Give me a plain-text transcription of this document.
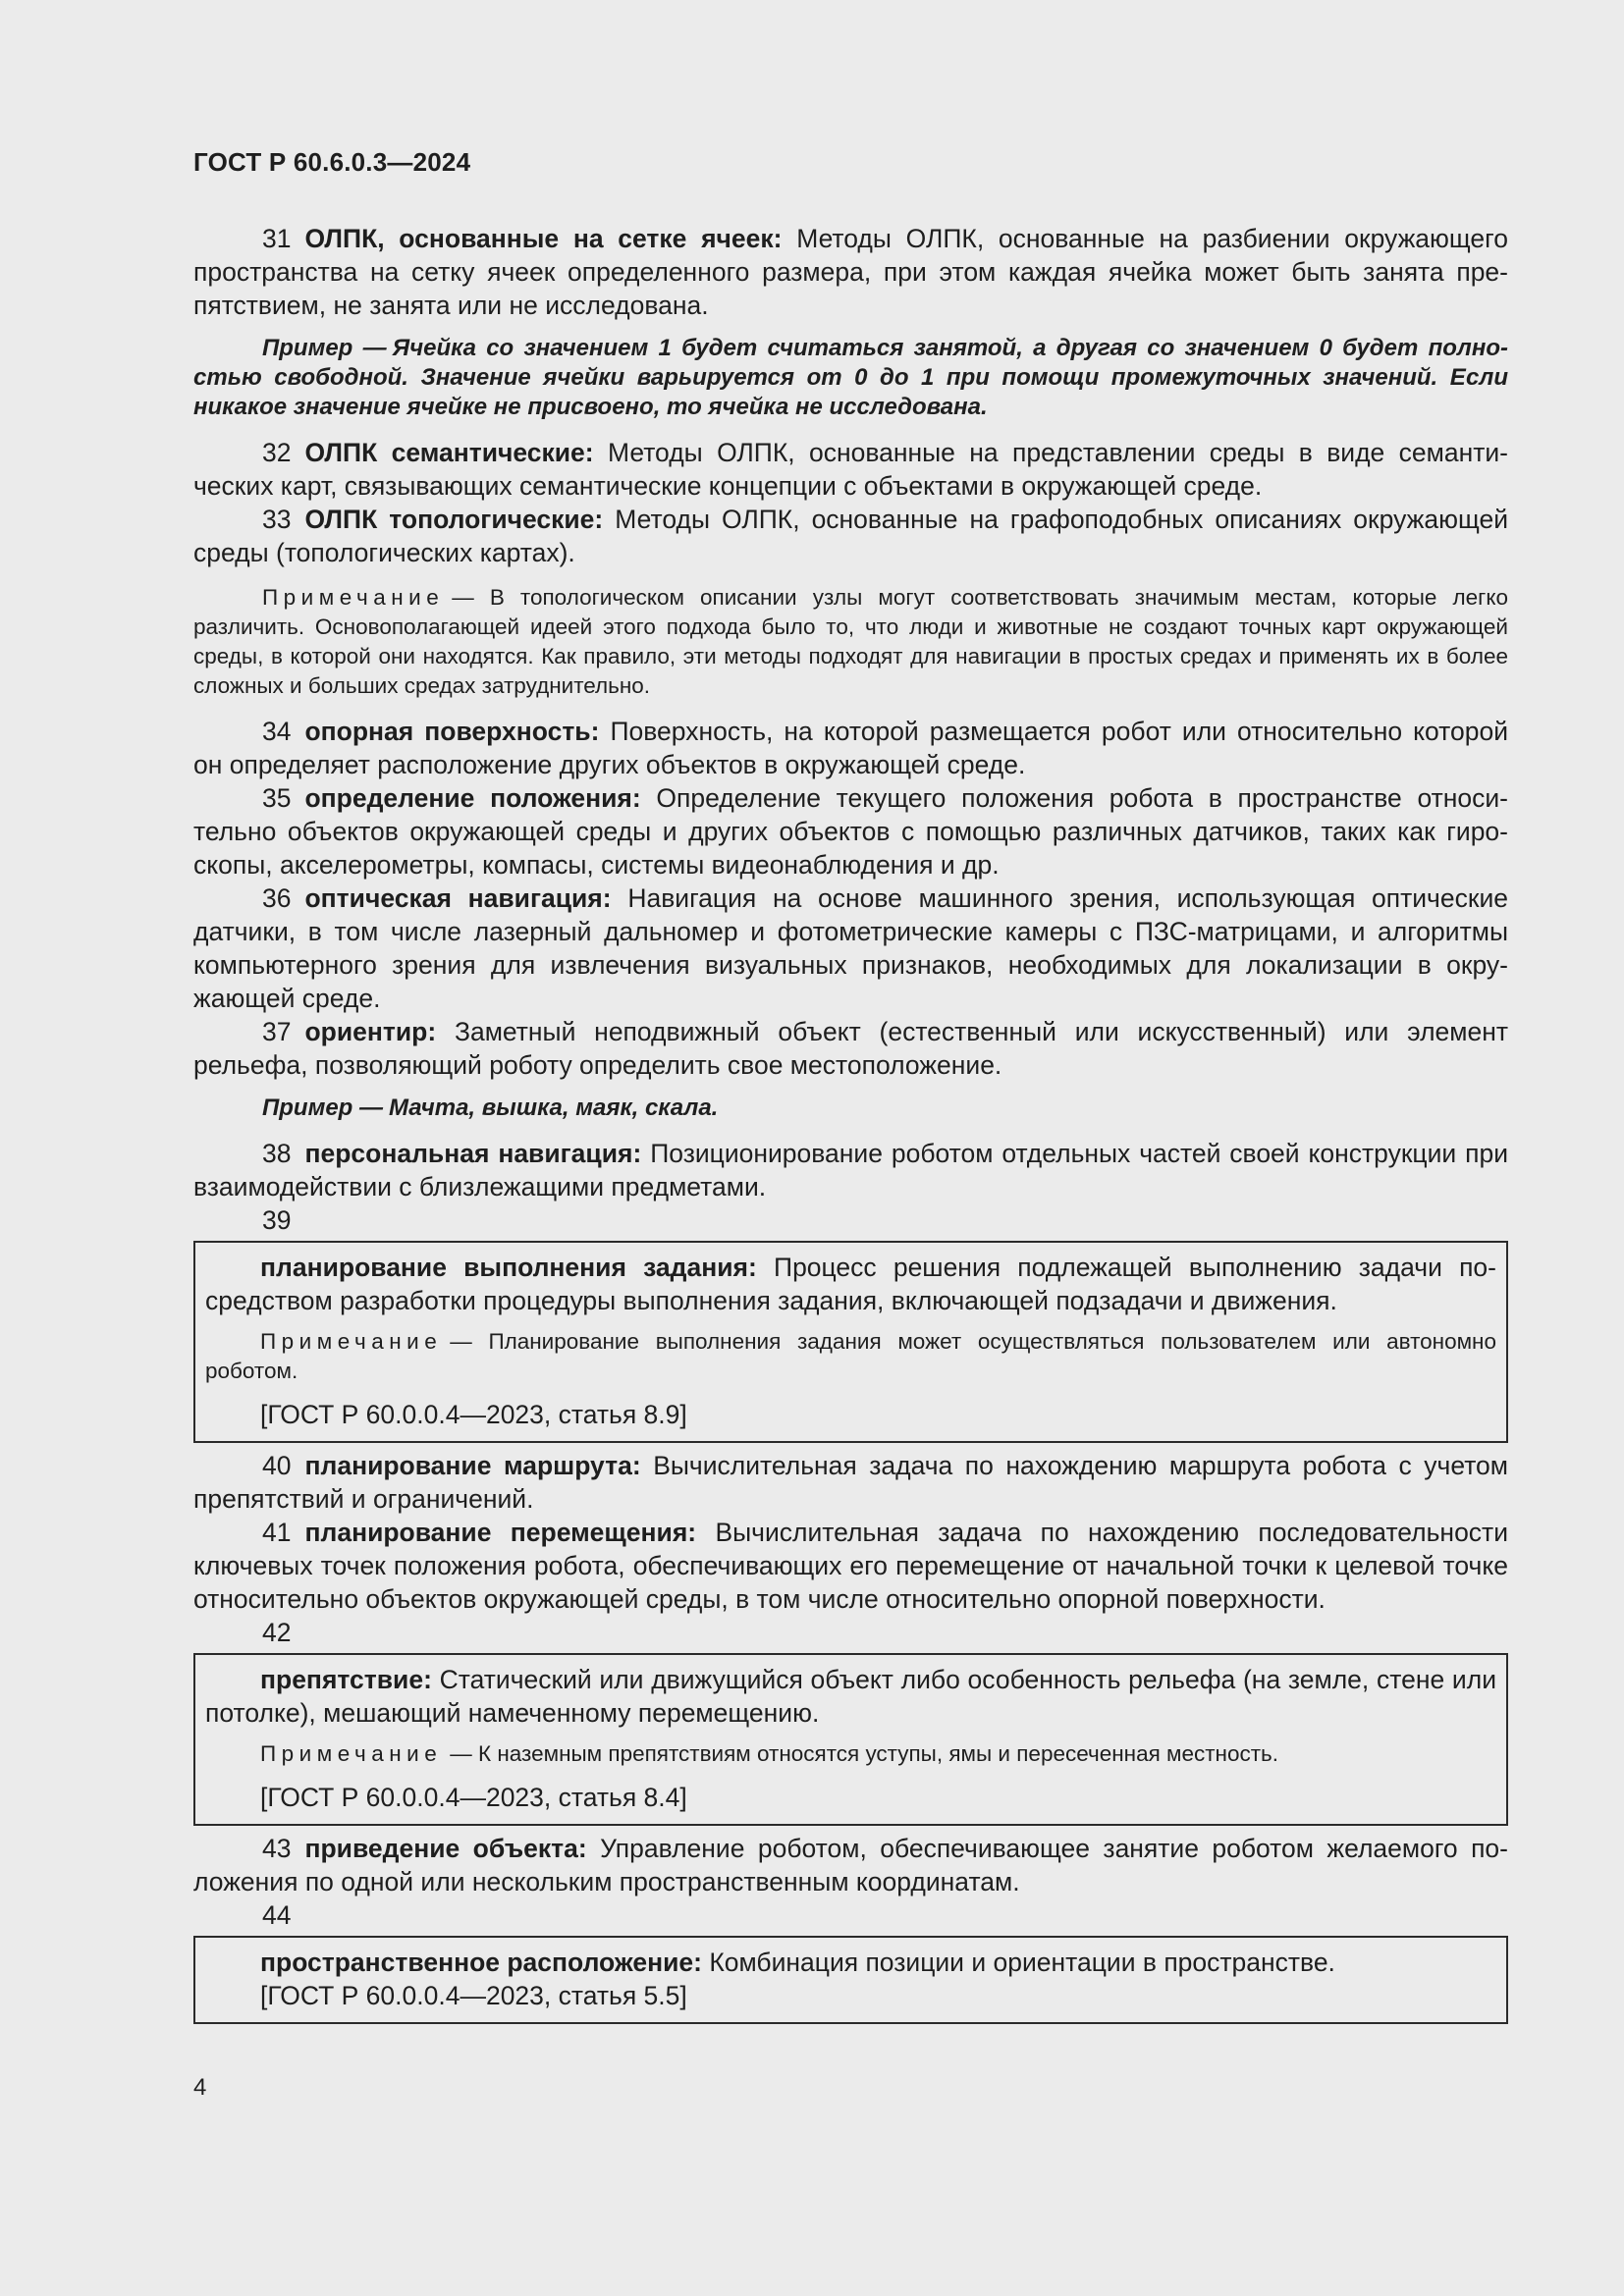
ГОСТ Р 60.6.0.3—2024

31 ОЛПК, основанные на сетке ячеек: Методы ОЛПК, основанные на разбиении окружающего пространства на сетку ячеек определенного размера, при этом каждая ячейка может быть занята препятствием, не занята или не исследована.

Пример — Ячейка со значением 1 будет считаться занятой, а другая со значением 0 будет полностью свободной. Значение ячейки варьируется от 0 до 1 при помощи промежуточных значений. Если никакое значение ячейке не присвоено, то ячейка не исследована.

32 ОЛПК семантические: Методы ОЛПК, основанные на представлении среды в виде семантических карт, связывающих семантические концепции с объектами в окружающей среде.

33 ОЛПК топологические: Методы ОЛПК, основанные на графоподобных описаниях окружающей среды (топологических картах).

Примечание — В топологическом описании узлы могут соответствовать значимым местам, которые легко различить. Основополагающей идеей этого подхода было то, что люди и животные не создают точных карт окружающей среды, в которой они находятся. Как правило, эти методы подходят для навигации в простых средах и применять их в более сложных и больших средах затруднительно.

34 опорная поверхность: Поверхность, на которой размещается робот или относительно которой он определяет расположение других объектов в окружающей среде.

35 определение положения: Определение текущего положения робота в пространстве относительно объектов окружающей среды и других объектов с помощью различных датчиков, таких как гироскопы, акселерометры, компасы, системы видеонаблюдения и др.

36 оптическая навигация: Навигация на основе машинного зрения, использующая оптические датчики, в том числе лазерный дальномер и фотометрические камеры с ПЗС-матрицами, и алгоритмы компьютерного зрения для извлечения визуальных признаков, необходимых для локализации в окружающей среде.

37 ориентир: Заметный неподвижный объект (естественный или искусственный) или элемент рельефа, позволяющий роботу определить свое местоположение.

Пример — Мачта, вышка, маяк, скала.

38 персональная навигация: Позиционирование роботом отдельных частей своей конструкции при взаимодействии с близлежащими предметами.

39

планирование выполнения задания: Процесс решения подлежащей выполнению задачи посредством разработки процедуры выполнения задания, включающей подзадачи и движения.

Примечание — Планирование выполнения задания может осуществляться пользователем или автономно роботом.

[ГОСТ Р 60.0.0.4—2023, статья 8.9]

40 планирование маршрута: Вычислительная задача по нахождению маршрута робота с учетом препятствий и ограничений.

41 планирование перемещения: Вычислительная задача по нахождению последовательности ключевых точек положения робота, обеспечивающих его перемещение от начальной точки к целевой точке относительно объектов окружающей среды, в том числе относительно опорной поверхности.

42

препятствие: Статический или движущийся объект либо особенность рельефа (на земле, стене или потолке), мешающий намеченному перемещению.

Примечание — К наземным препятствиям относятся уступы, ямы и пересеченная местность.

[ГОСТ Р 60.0.0.4—2023, статья 8.4]

43 приведение объекта: Управление роботом, обеспечивающее занятие роботом желаемого положения по одной или нескольким пространственным координатам.

44

пространственное расположение: Комбинация позиции и ориентации в пространстве.

[ГОСТ Р 60.0.0.4—2023, статья 5.5]

4
